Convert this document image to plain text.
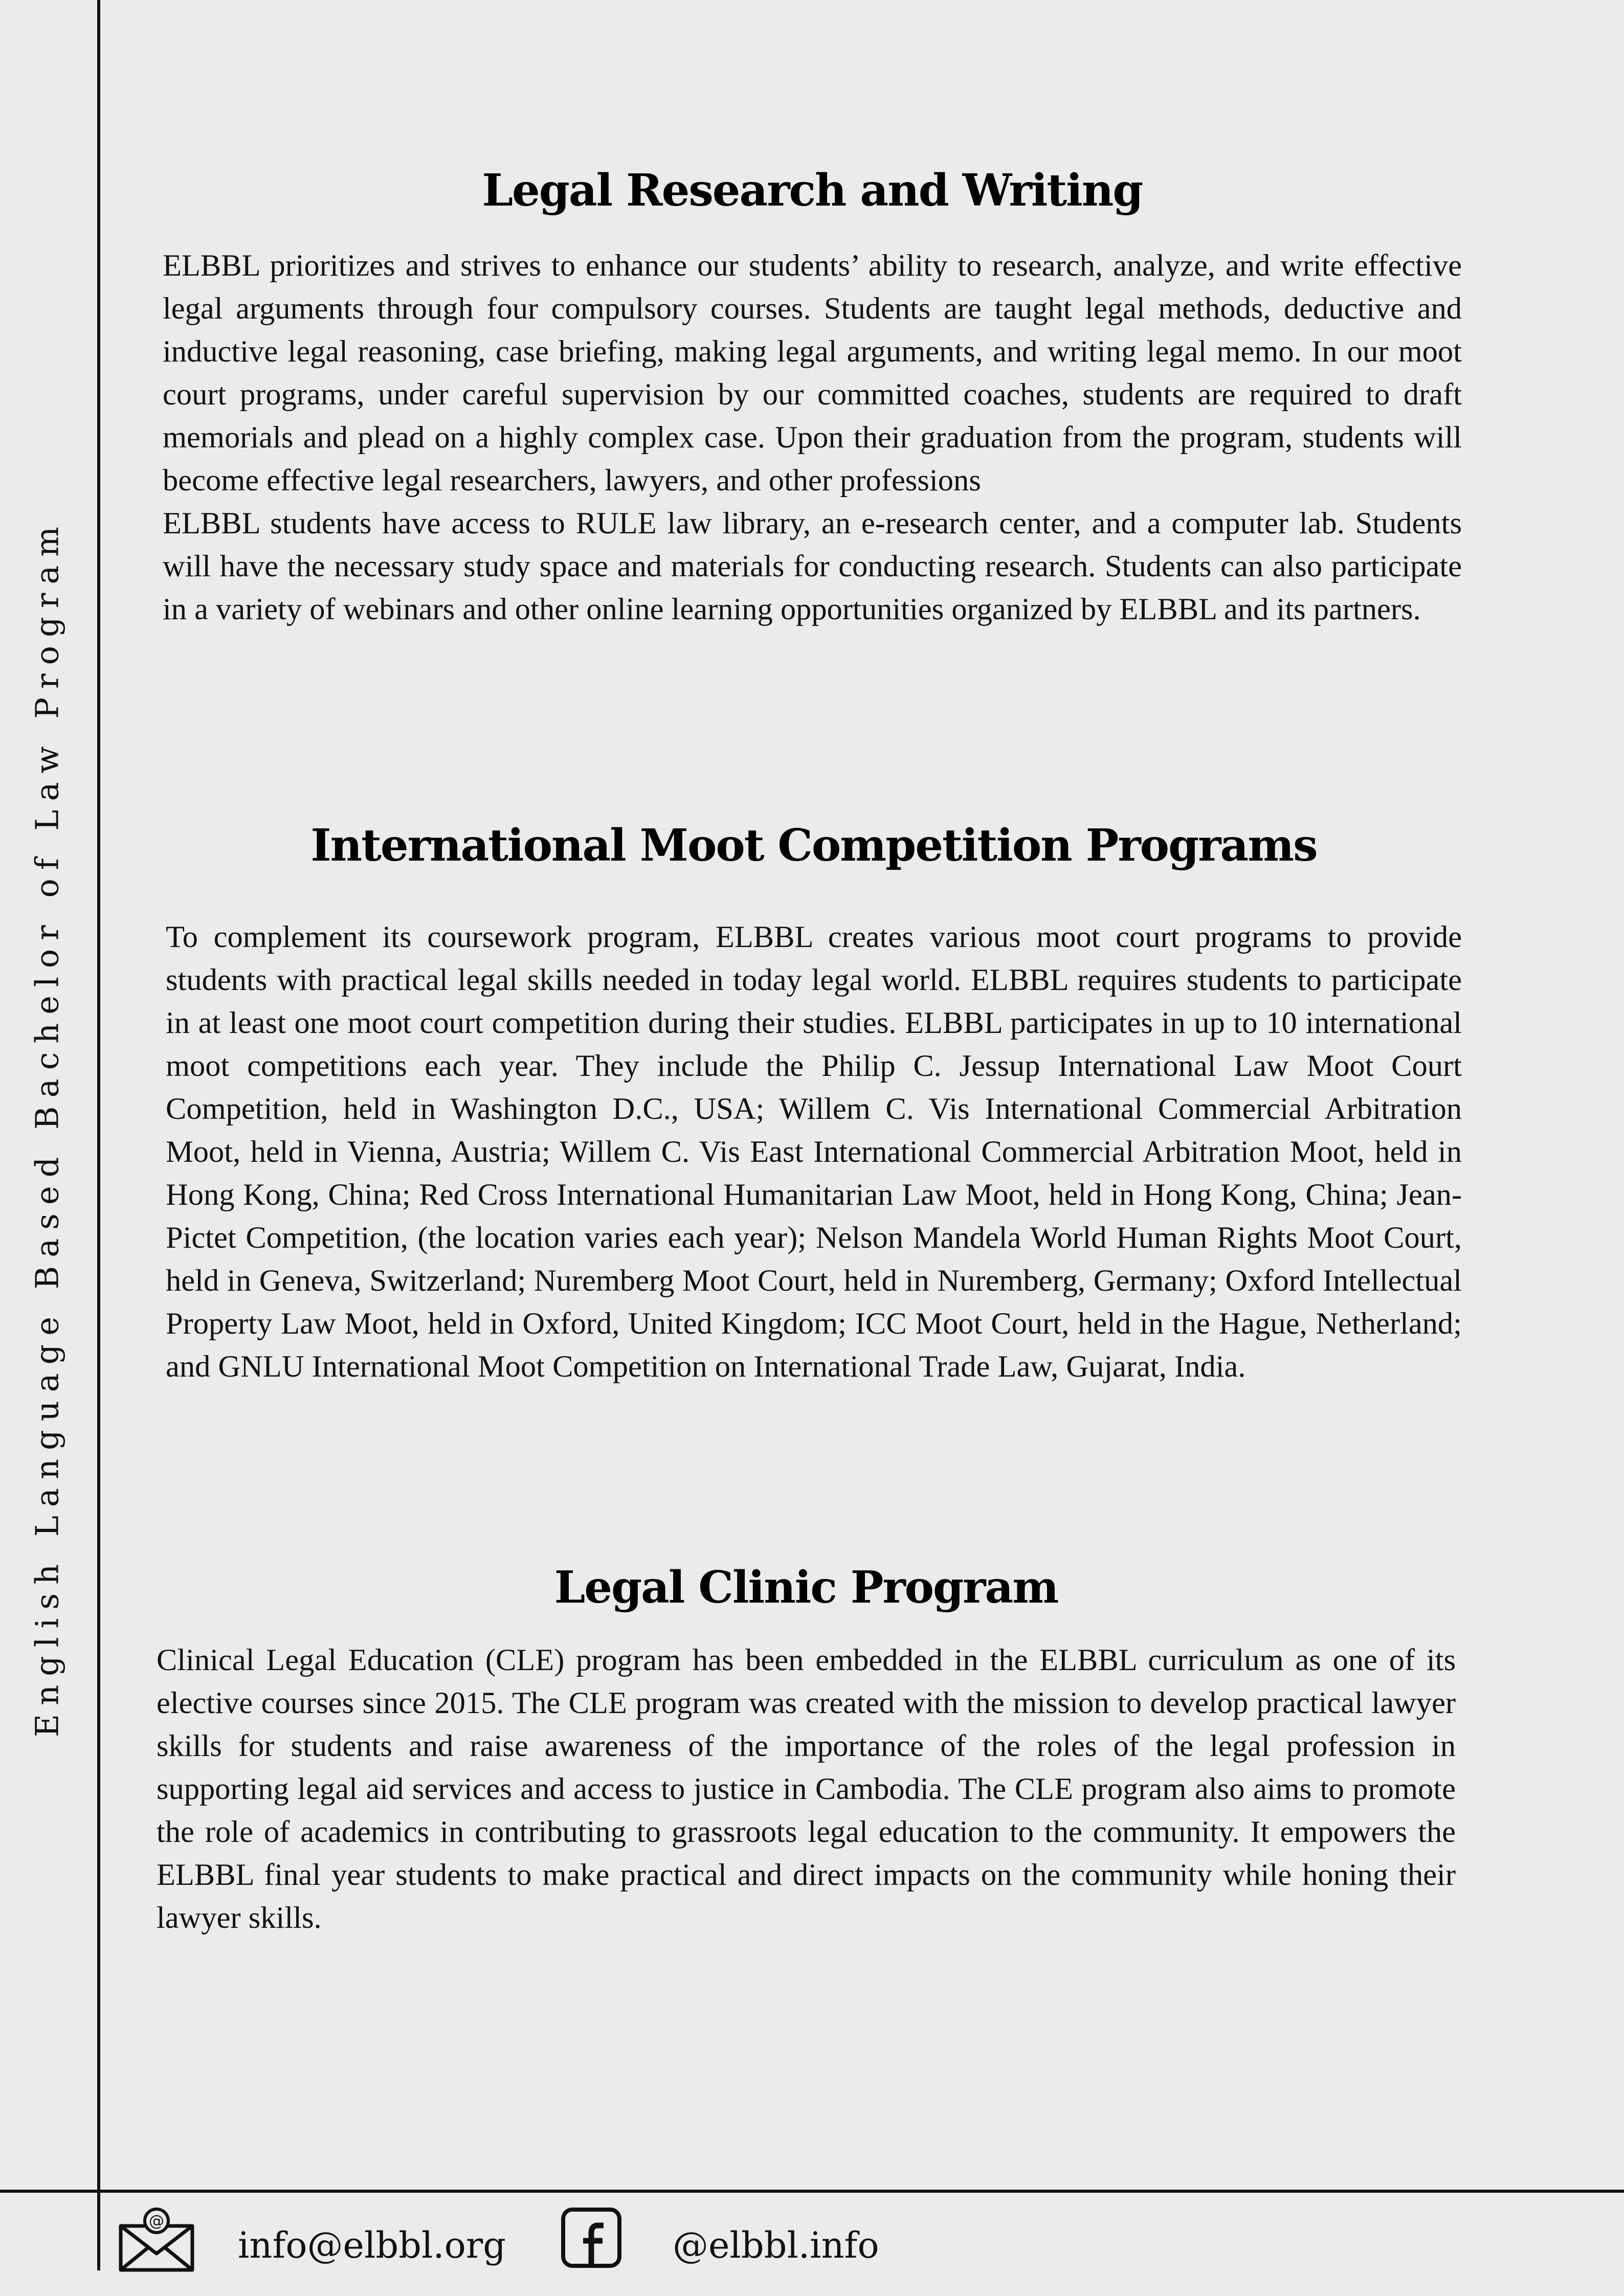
English Language Based Bachelor of Law Program
Legal Research and Writing

ELBBL prioritizes and strives to enhance our students’ ability to research, analyze, and write effective legal arguments through four compulsory courses. Students are taught legal methods, deductive and inductive legal reasoning, case briefing, making legal arguments, and writing legal memo. In our moot court programs, under careful supervision by our committed coaches, students are required to draft memorials and plead on a highly complex case. Upon their graduation from the program, students will become effective legal researchers, lawyers, and other professions

ELBBL students have access to RULE law library, an e-research center, and a computer lab. Students will have the necessary study space and materials for conducting research. Students can also participate in a variety of webinars and other online learning opportunities organized by ELBBL and its partners.

International Moot Competition Programs

To complement its coursework program, ELBBL creates various moot court programs to provide students with practical legal skills needed in today legal world. ELBBL requires students to participate in at least one moot court competition during their studies. ELBBL participates in up to 10 international moot competitions each year. They include the Philip C. Jessup International Law Moot Court Competition, held in Washington D.C., USA; Willem C. Vis International Commercial Arbitration Moot, held in Vienna, Austria; Willem C. Vis East International Commercial Arbitration Moot, held in Hong Kong, China; Red Cross International Humanitarian Law Moot, held in Hong Kong, China; Jean-Pictet Competition, (the location varies each year); Nelson Mandela World Human Rights Moot Court, held in Geneva, Switzerland; Nuremberg Moot Court, held in Nuremberg, Germany; Oxford Intellectual Property Law Moot, held in Oxford, United Kingdom; ICC Moot Court, held in the Hague, Netherland; and GNLU International Moot Competition on International Trade Law, Gujarat, India.

Legal Clinic Program

Clinical Legal Education (CLE) program has been embedded in the ELBBL curriculum as one of its elective courses since 2015. The CLE program was created with the mission to develop practical lawyer skills for students and raise awareness of the importance of the roles of the legal profession in supporting legal aid services and access to justice in Cambodia. The CLE program also aims to promote the role of academics in contributing to grassroots legal education to the community. It empowers the ELBBL final year students to make practical and direct impacts on the community while honing their lawyer skills.

@
info@elbbl.org	@elbbl.info
